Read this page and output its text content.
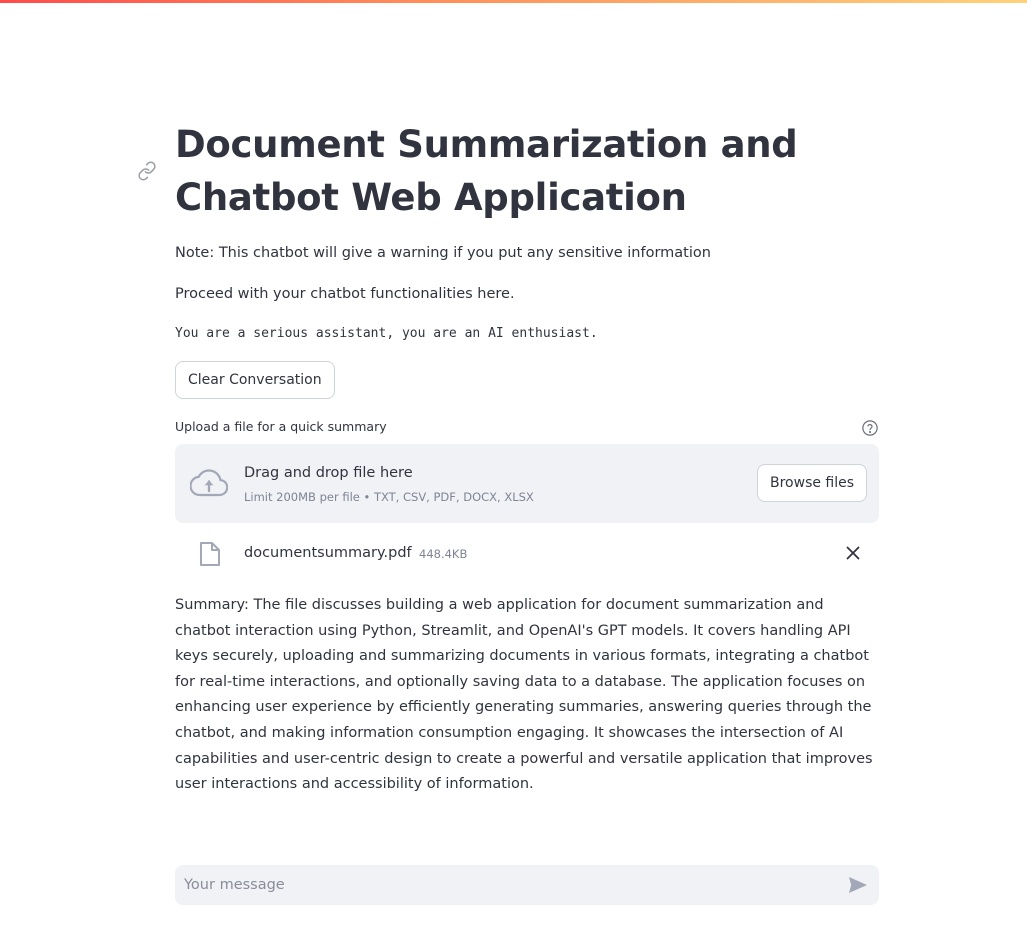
Document Summarization and Chatbot Web Application
Note: This chatbot will give a warning if you put any sensitive information
Proceed with your chatbot functionalities here.
You are a serious assistant, you are an AI enthusiast.
Clear Conversation
Upload a file for a quick summary
Drag and drop file here
Limit 200MB per file • TXT, CSV, PDF, DOCX, XLSX
Browse files
documentsummary.pdf 448.4KB

Summary: The file discusses building a web application for document summarization and chatbot interaction using Python, Streamlit, and OpenAI's GPT models. It covers handling API keys securely, uploading and summarizing documents in various formats, integrating a chatbot for real-time interactions, and optionally saving data to a database. The application focuses on enhancing user experience by efficiently generating summaries, answering queries through the chatbot, and making information consumption engaging. It showcases the intersection of AI capabilities and user-centric design to create a powerful and versatile application that improves user interactions and accessibility of information.

Your message
